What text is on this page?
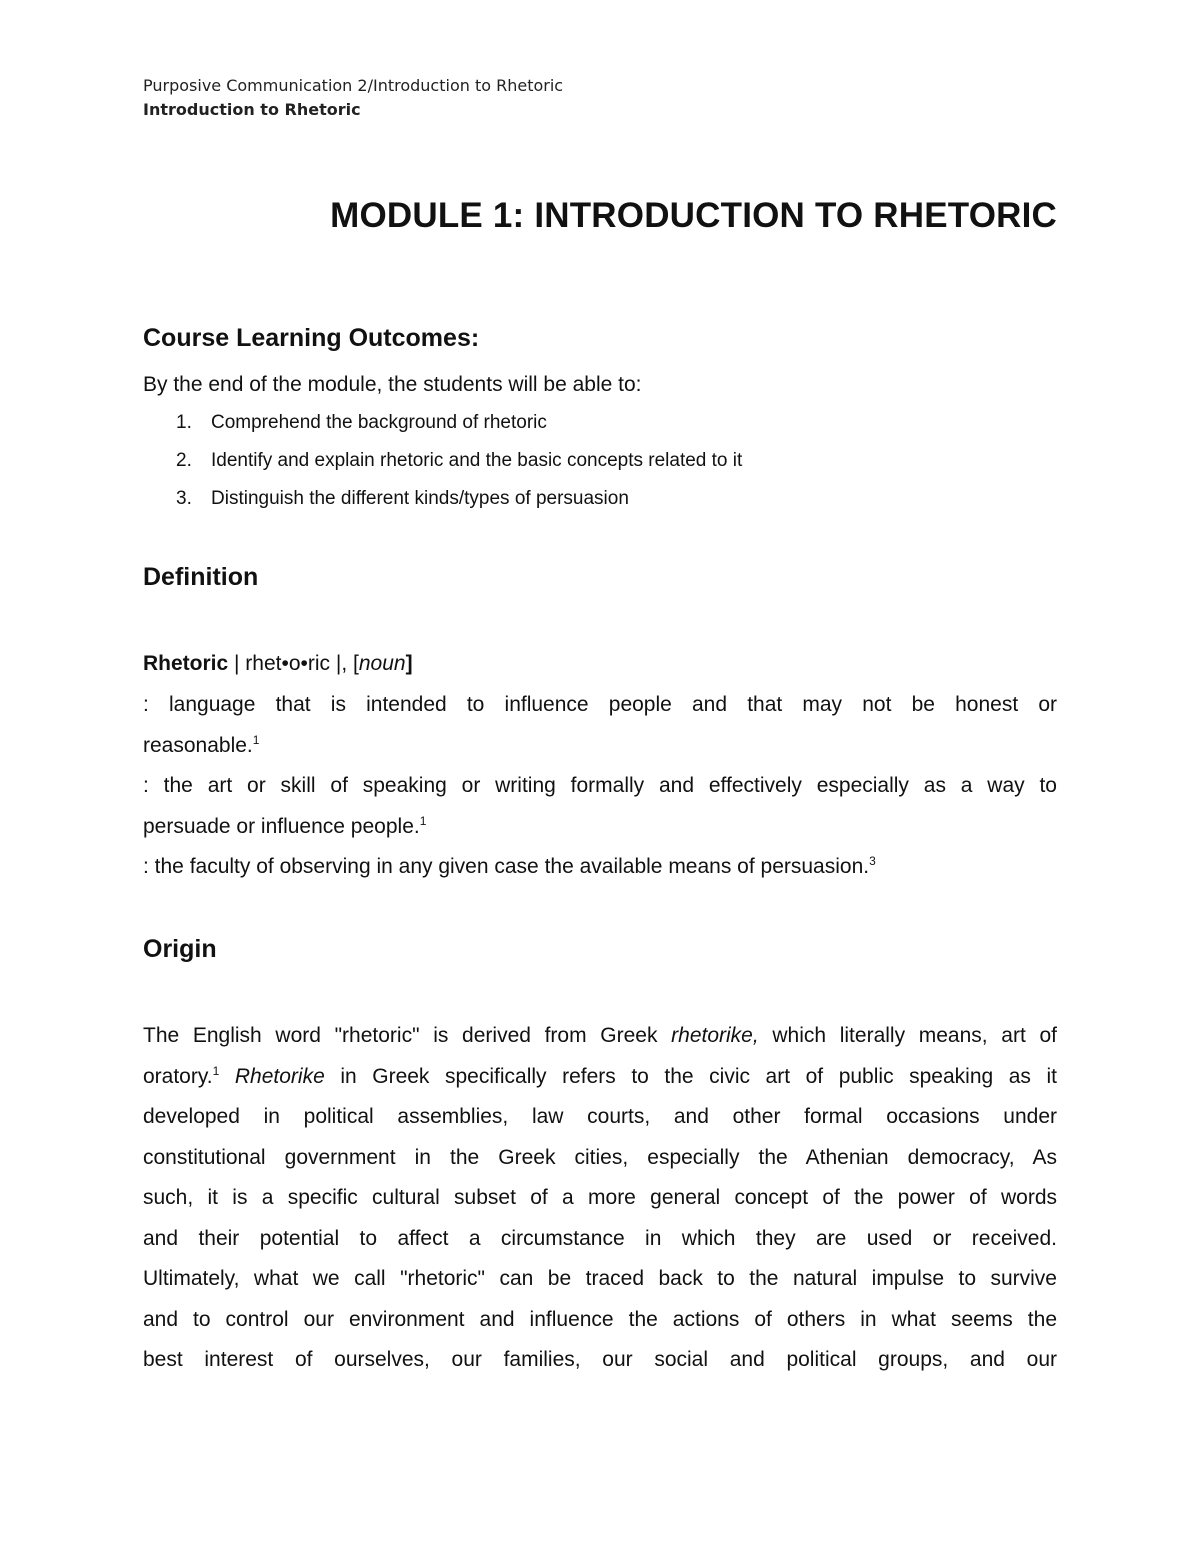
Purposive Communication 2/Introduction to Rhetoric
Introduction to Rhetoric
MODULE 1: INTRODUCTION TO RHETORIC
Course Learning Outcomes:
By the end of the module, the students will be able to:
1. Comprehend the background of rhetoric
2. Identify and explain rhetoric and the basic concepts related to it
3. Distinguish the different kinds/types of persuasion
Definition
Rhetoric | rhet•o•ric |, [noun]
: language that is intended to influence people and that may not be honest or
reasonable.$^1$
: the art or skill of speaking or writing formally and effectively especially as a way to
persuade or influence people.$^1$
: the faculty of observing in any given case the available means of persuasion.$^3$
Origin
The English word "rhetoric" is derived from Greek rhetorike, which literally means, art of
oratory.$^1$ Rhetorike in Greek specifically refers to the civic art of public speaking as it
developed in political assemblies, law courts, and other formal occasions under
constitutional government in the Greek cities, especially the Athenian democracy, As
such, it is a specific cultural subset of a more general concept of the power of words
and their potential to affect a circumstance in which they are used or received.
Ultimately, what we call "rhetoric" can be traced back to the natural impulse to survive
and to control our environment and influence the actions of others in what seems the
best interest of ourselves, our families, our social and political groups, and our
